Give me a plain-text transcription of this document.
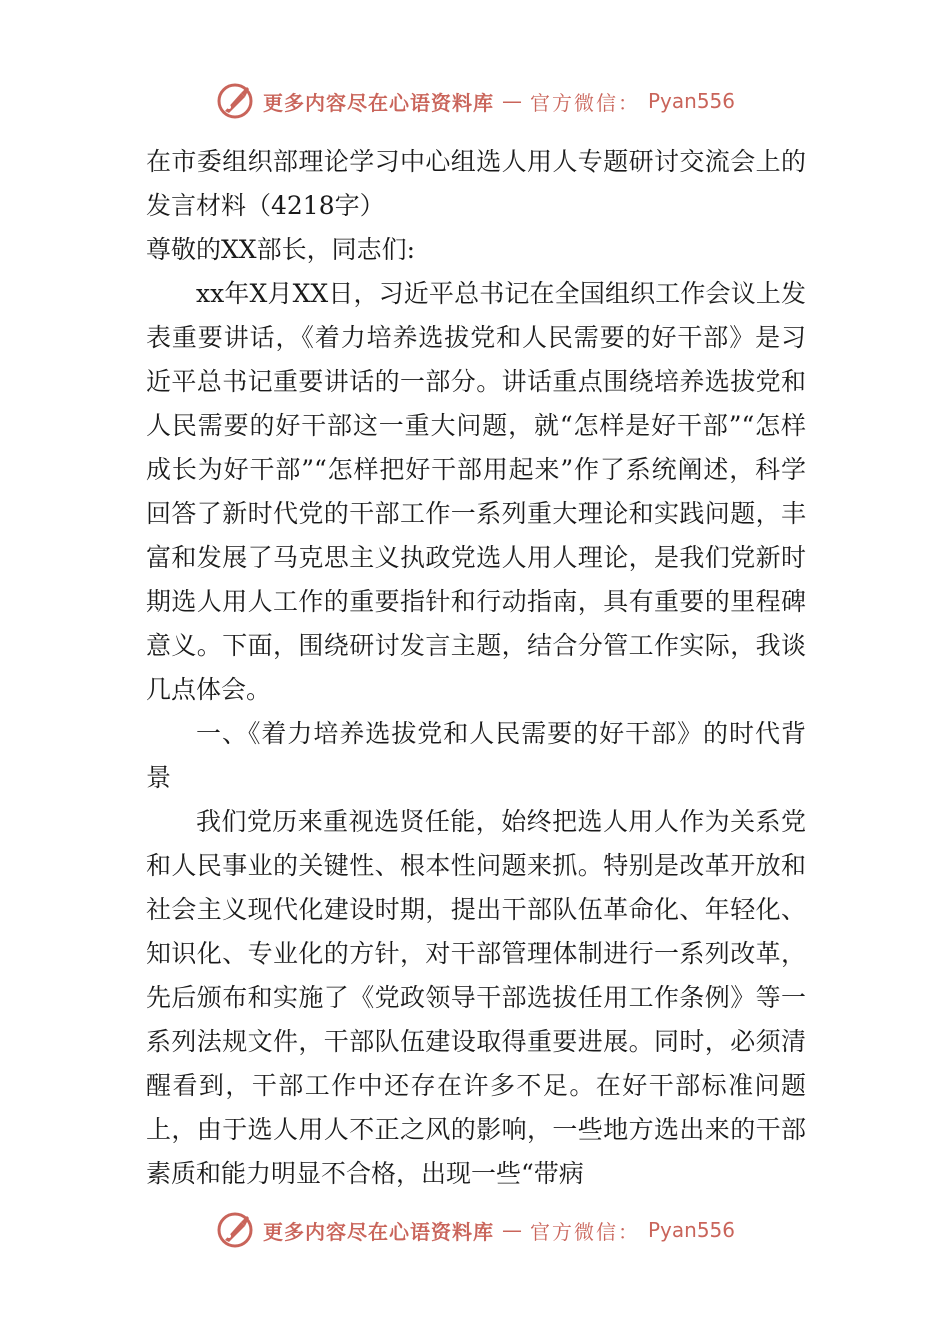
更多内容尽在心语资料库 — 官方微信： Pyan556

在市委组织部理论学习中心组选人用人专题研讨交流会上的发言材料（4218字）

尊敬的XX部长，同志们:

xx年X月XX日，习近平总书记在全国组织工作会议上发表重要讲话，《着力培养选拔党和人民需要的好干部》是习近平总书记重要讲话的一部分。讲话重点围绕培养选拔党和人民需要的好干部这一重大问题，就“怎样是好干部”“怎样成长为好干部”“怎样把好干部用起来”作了系统阐述，科学回答了新时代党的干部工作一系列重大理论和实践问题，丰富和发展了马克思主义执政党选人用人理论，是我们党新时期选人用人工作的重要指针和行动指南，具有重要的里程碑意义。下面，围绕研讨发言主题，结合分管工作实际，我谈几点体会。

一、《着力培养选拔党和人民需要的好干部》的时代背景

我们党历来重视选贤任能，始终把选人用人作为关系党和人民事业的关键性、根本性问题来抓。特别是改革开放和社会主义现代化建设时期，提出干部队伍革命化、年轻化、知识化、专业化的方针，对干部管理体制进行一系列改革，先后颁布和实施了《党政领导干部选拔任用工作条例》等一系列法规文件，干部队伍建设取得重要进展。同时，必须清醒看到，干部工作中还存在许多不足。在好干部标准问题上，由于选人用人不正之风的影响，一些地方选出来的干部素质和能力明显不合格，出现一些“带病

更多内容尽在心语资料库 — 官方微信： Pyan556
